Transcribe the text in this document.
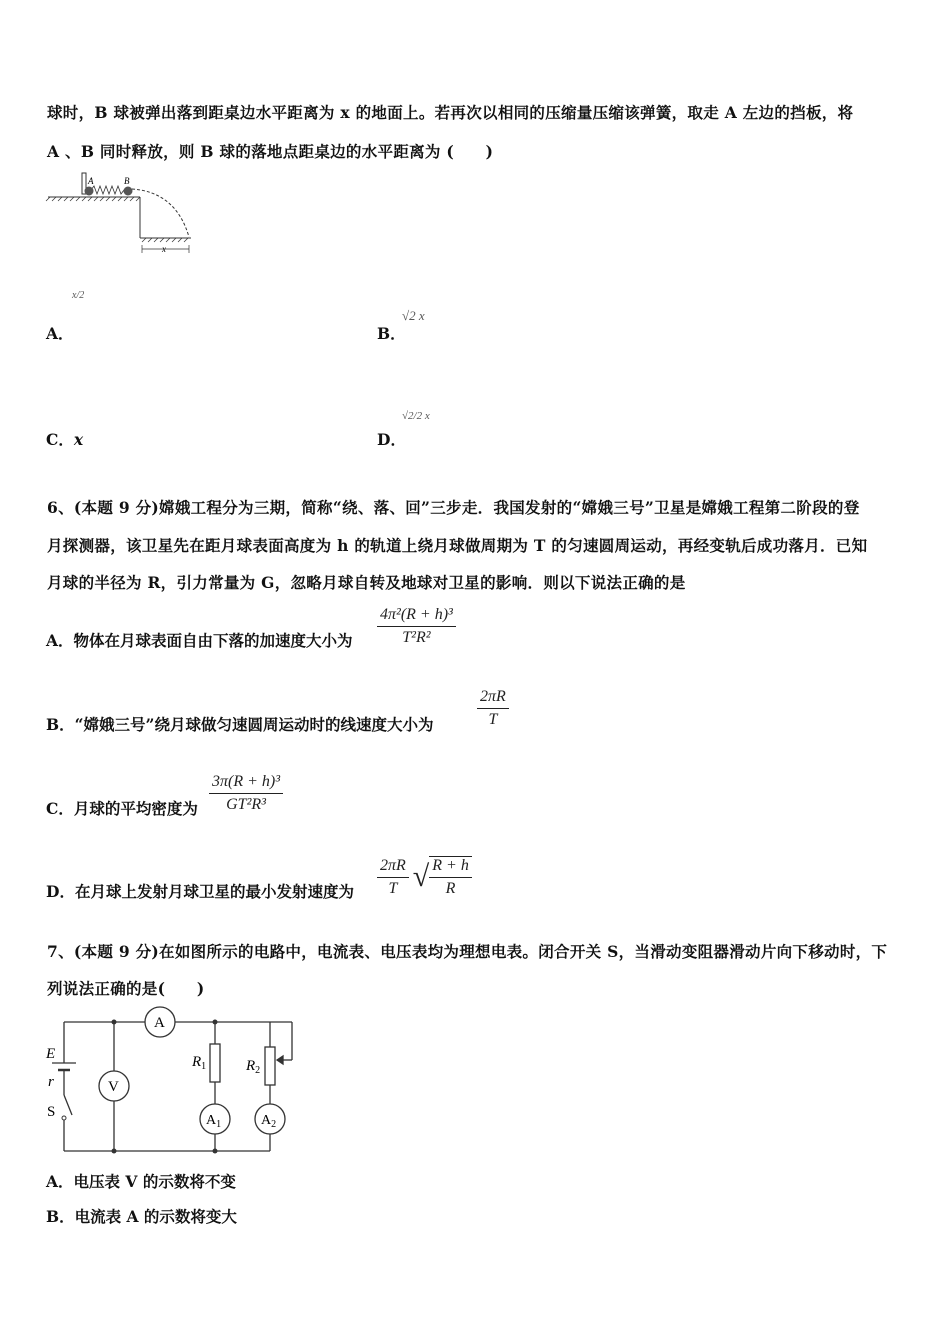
球时，B 球被弹出落到距桌边水平距离为 x 的地面上。若再次以相同的压缩量压缩该弹簧，取走 A 左边的挡板，将
A 、B 同时释放，则 B 球的落地点距桌边的水平距离为 (　　)
A	B
x
A．
x/2
B．
√2 x
C．x	D．
√2/2 x
6、(本题 9 分)嫦娥工程分为三期，简称“绕、落、回”三步走．我国发射的“嫦娥三号”卫星是嫦娥工程第二阶段的登
月探测器，该卫星先在距月球表面高度为 h 的轨道上绕月球做周期为 T 的匀速圆周运动，再经变轨后成功落月．已知
月球的半径为 R，引力常量为 G，忽略月球自转及地球对卫星的影响．则以下说法正确的是
A．物体在月球表面自由下落的加速度大小为 $\frac{\text{4π²(R + h)³}}{\text{T²R²}}$
B．“嫦娥三号”绕月球做匀速圆周运动时的线速度大小为	$\frac{2\pi R}{T}$
C．月球的平均密度为 $\frac{\text{3π(R + h)³}}{\text{GT²R³}}$
D．在月球上发射月球卫星的最小发射速度为 $\frac{2\pi R}{T}$ √ $\frac{R + h}{R}$
7、(本题 9 分)在如图所示的电路中，电流表、电压表均为理想电表。闭合开关 S，当滑动变阻器滑动片向下移动时，下
列说法正确的是(　　)
A
V
$A_1$	$A_2$
$R_1$	$R_2$
E
r
S
A．电压表 V 的示数将不变
B．电流表 A 的示数将变大
